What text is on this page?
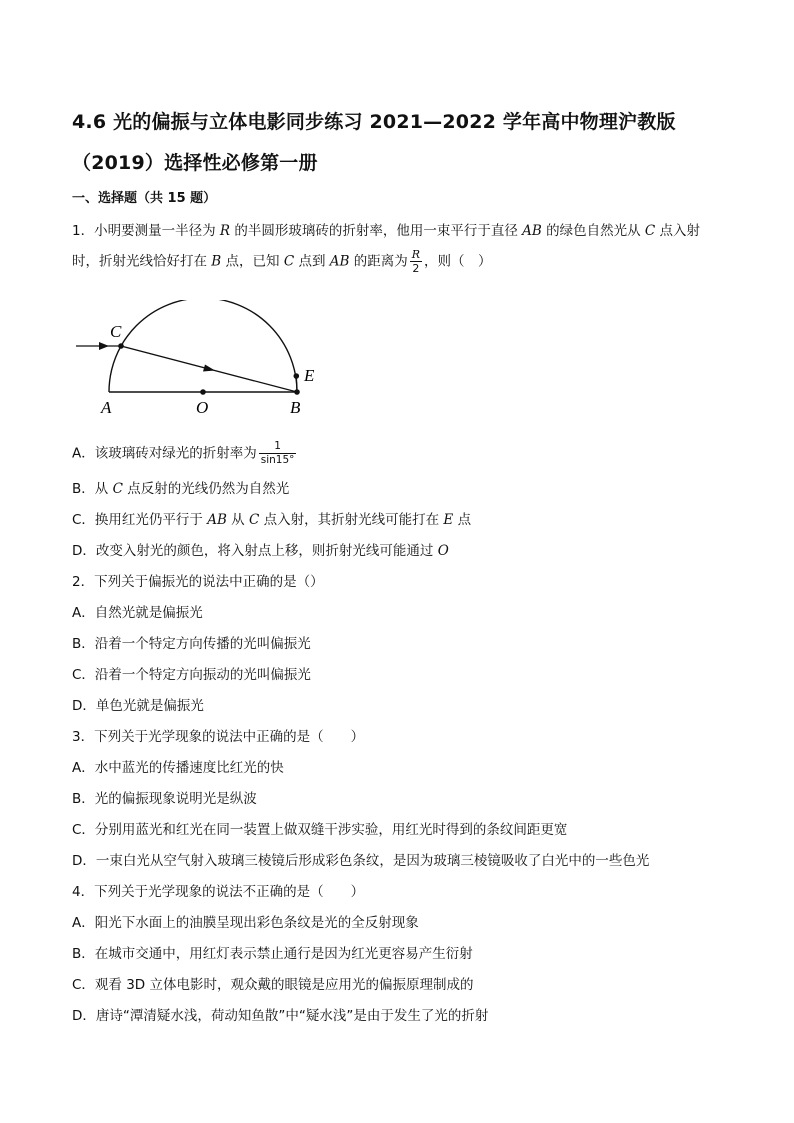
4.6 光的偏振与立体电影同步练习 2021—2022 学年高中物理沪教版
（2019）选择性必修第一册
一、选择题（共 15 题）
1．小明要测量一半径为 R 的半圆形玻璃砖的折射率，他用一束平行于直径 AB 的绿色自然光从 C 点入射
时，折射光线恰好打在 B 点，已知 C 点到 AB 的距离为 $\frac{R}{2}$ ，则（　）
C
E
A	O	B
A．该玻璃砖对绿光的折射率为 $\frac{1}{\sin 15^\circ}$
B．从 C 点反射的光线仍然为自然光
C．换用红光仍平行于 AB 从 C 点入射，其折射光线可能打在 E 点
D．改变入射光的颜色，将入射点上移，则折射光线可能通过 O
2．下列关于偏振光的说法中正确的是（）
A．自然光就是偏振光
B．沿着一个特定方向传播的光叫偏振光
C．沿着一个特定方向振动的光叫偏振光
D．单色光就是偏振光
3．下列关于光学现象的说法中正确的是（　　）
A．水中蓝光的传播速度比红光的快
B．光的偏振现象说明光是纵波
C．分别用蓝光和红光在同一装置上做双缝干涉实验，用红光时得到的条纹间距更宽
D．一束白光从空气射入玻璃三棱镜后形成彩色条纹，是因为玻璃三棱镜吸收了白光中的一些色光
4．下列关于光学现象的说法不正确的是（　　）
A．阳光下水面上的油膜呈现出彩色条纹是光的全反射现象
B．在城市交通中，用红灯表示禁止通行是因为红光更容易产生衍射
C．观看 3D 立体电影时，观众戴的眼镜是应用光的偏振原理制成的
D．唐诗“潭清疑水浅，荷动知鱼散”中“疑水浅”是由于发生了光的折射
